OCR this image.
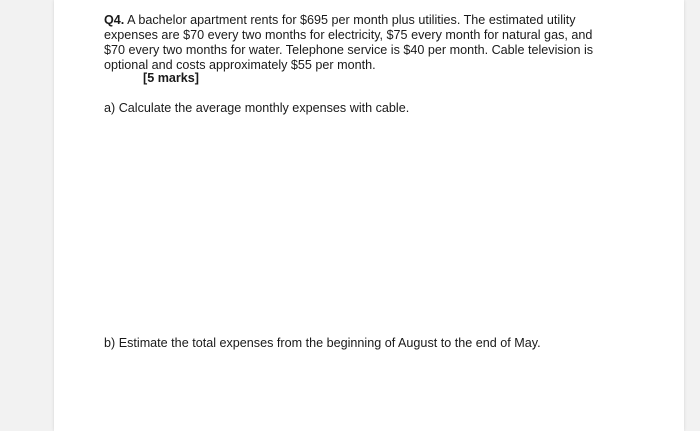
Q4. A bachelor apartment rents for $695 per month plus utilities. The estimated utility expenses are $70 every two months for electricity, $75 every month for natural gas, and $70 every two months for water. Telephone service is $40 per month. Cable television is optional and costs approximately $55 per month.
[5 marks]
a) Calculate the average monthly expenses with cable.
b) Estimate the total expenses from the beginning of August to the end of May.
